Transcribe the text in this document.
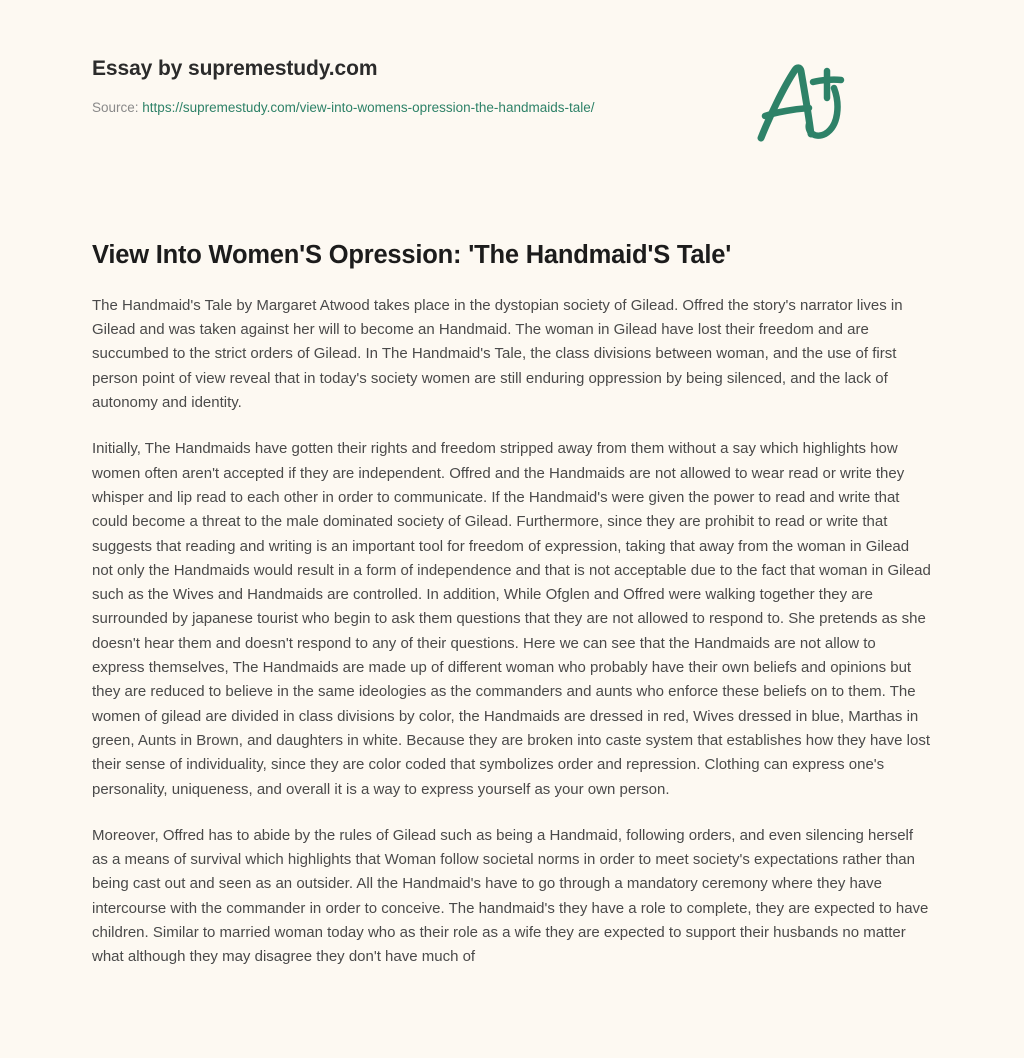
Essay by supremestudy.com
Source: https://supremestudy.com/view-into-womens-opression-the-handmaids-tale/
View Into Women'S Opression: 'The Handmaid'S Tale'

The Handmaid's Tale by Margaret Atwood takes place in the dystopian society of Gilead. Offred the story's narrator lives in Gilead and was taken against her will to become an Handmaid. The woman in Gilead have lost their freedom and are succumbed to the strict orders of Gilead. In The Handmaid's Tale, the class divisions between woman, and the use of first person point of view reveal that in today's society women are still enduring oppression by being silenced, and the lack of autonomy and identity.

Initially, The Handmaids have gotten their rights and freedom stripped away from them without a say which highlights how women often aren't accepted if they are independent. Offred and the Handmaids are not allowed to wear read or write they whisper and lip read to each other in order to communicate. If the Handmaid's were given the power to read and write that could become a threat to the male dominated society of Gilead. Furthermore, since they are prohibit to read or write that suggests that reading and writing is an important tool for freedom of expression, taking that away from the woman in Gilead not only the Handmaids would result in a form of independence and that is not acceptable due to the fact that woman in Gilead such as the Wives and Handmaids are controlled. In addition, While Ofglen and Offred were walking together they are surrounded by japanese tourist who begin to ask them questions that they are not allowed to respond to. She pretends as she doesn't hear them and doesn't respond to any of their questions. Here we can see that the Handmaids are not allow to express themselves, The Handmaids are made up of different woman who probably have their own beliefs and opinions but they are reduced to believe in the same ideologies as the commanders and aunts who enforce these beliefs on to them. The women of gilead are divided in class divisions by color, the Handmaids are dressed in red, Wives dressed in blue, Marthas in green, Aunts in Brown, and daughters in white. Because they are broken into caste system that establishes how they have lost their sense of individuality, since they are color coded that symbolizes order and repression. Clothing can express one's personality, uniqueness, and overall it is a way to express yourself as your own person.

Moreover, Offred has to abide by the rules of Gilead such as being a Handmaid, following orders, and even silencing herself as a means of survival which highlights that Woman follow societal norms in order to meet society's expectations rather than being cast out and seen as an outsider. All the Handmaid's have to go through a mandatory ceremony where they have intercourse with the commander in order to conceive. The handmaid's they have a role to complete, they are expected to have children. Similar to married woman today who as their role as a wife they are expected to support their husbands no matter what although they may disagree they don't have much of
